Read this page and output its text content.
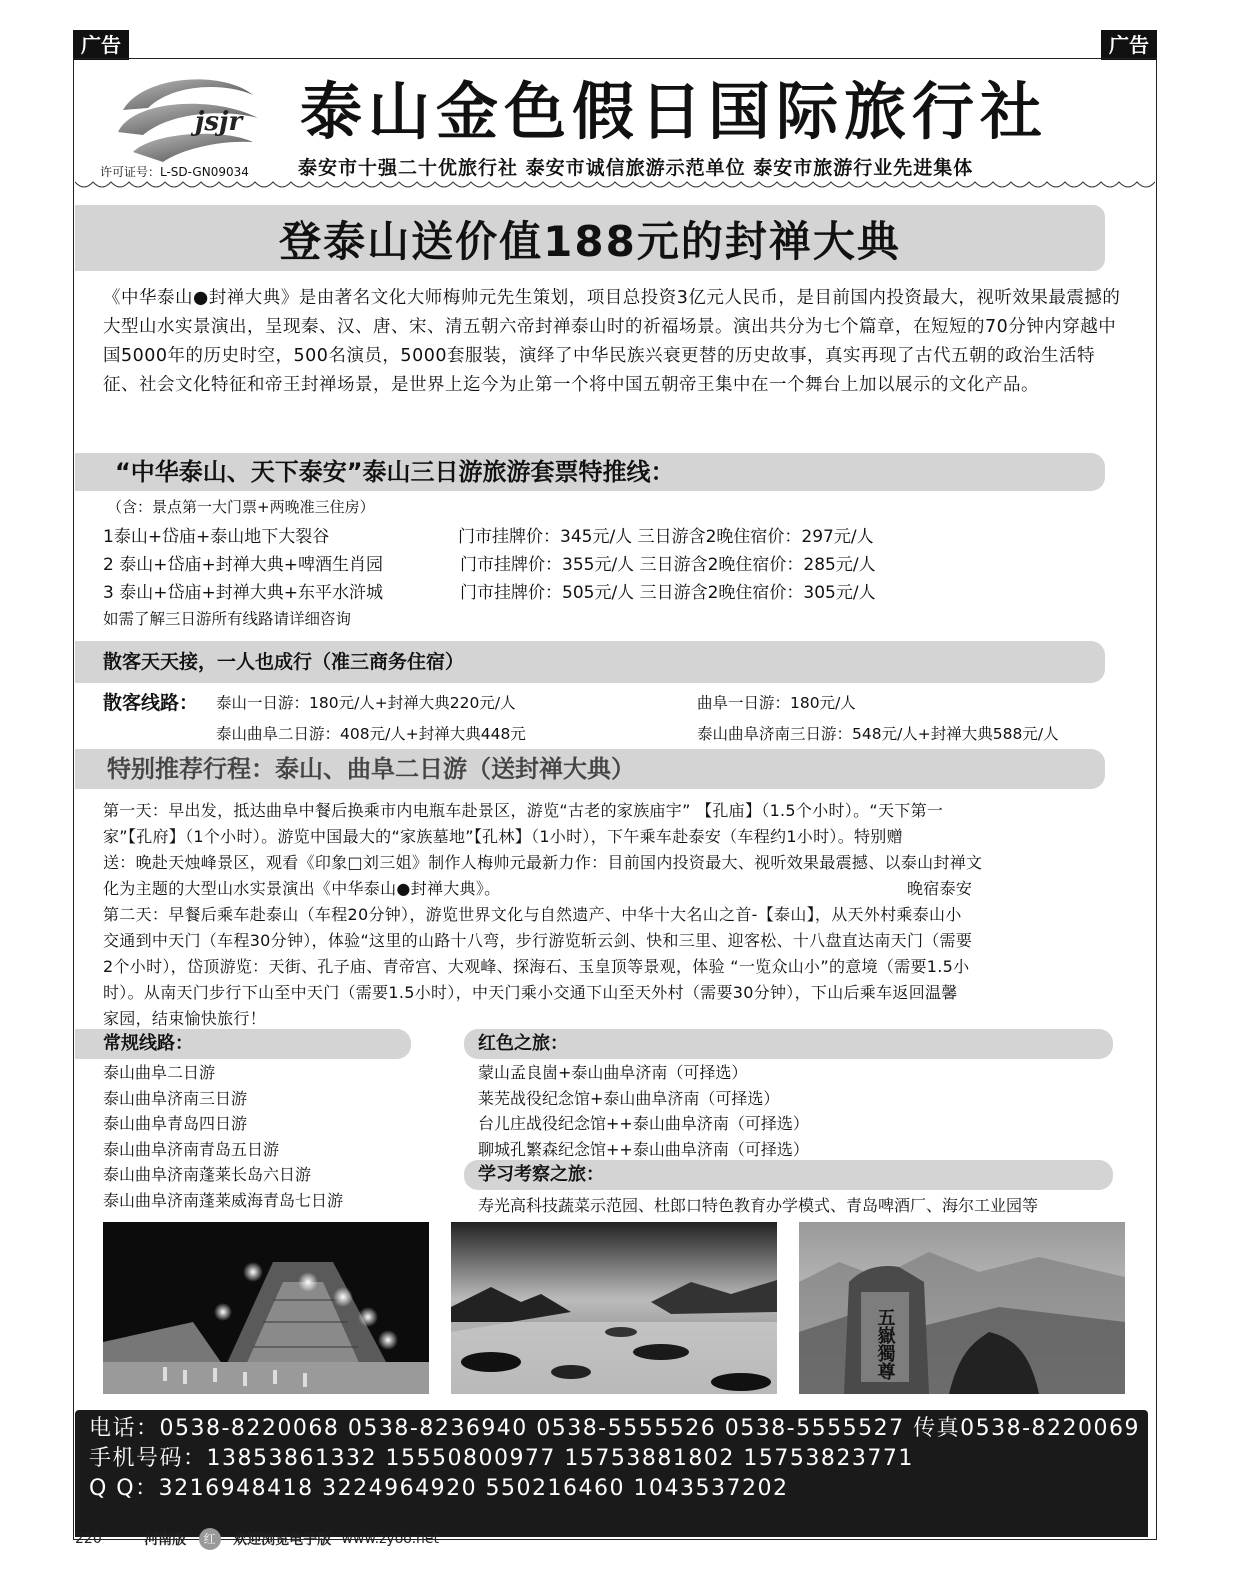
广告	广告
jsjr 泰山金色假日国际旅行社
许可证号：L-SD-GN09034	泰安市十强二十优旅行社 泰安市诚信旅游示范单位 泰安市旅游行业先进集体
登泰山送价值188元的封禅大典
《中华泰山●封禅大典》是由著名文化大师梅帅元先生策划，项目总投资3亿元人民币，是目前国内投资最大，视听效果最震撼的大型山水实景演出，呈现秦、汉、唐、宋、清五朝六帝封禅泰山时的祈福场景。演出共分为七个篇章，在短短的70分钟内穿越中国5000年的历史时空，500名演员，5000套服装，演绎了中华民族兴衰更替的历史故事，真实再现了古代五朝的政治生活特征、社会文化特征和帝王封禅场景，是世界上迄今为止第一个将中国五朝帝王集中在一个舞台上加以展示的文化产品。
“中华泰山、天下泰安”泰山三日游旅游套票特推线：
（含：景点第一大门票+两晚准三住房）
1泰山+岱庙+泰山地下大裂谷	门市挂牌价：345元/人 三日游含2晚住宿价：297元/人
2 泰山+岱庙+封禅大典+啤酒生肖园	门市挂牌价：355元/人 三日游含2晚住宿价：285元/人
3 泰山+岱庙+封禅大典+东平水浒城	门市挂牌价：505元/人 三日游含2晚住宿价：305元/人
如需了解三日游所有线路请详细咨询
散客天天接，一人也成行（准三商务住宿）
散客线路： 泰山一日游：180元/人+封禅大典220元/人	曲阜一日游：180元/人
泰山曲阜二日游：408元/人+封禅大典448元	泰山曲阜济南三日游：548元/人+封禅大典588元/人
特别推荐行程：泰山、曲阜二日游（送封禅大典）
第一天：早出发，抵达曲阜中餐后换乘市内电瓶车赴景区，游览“古老的家族庙宇” 【孔庙】（1.5个小时）。“天下第一
家”【孔府】（1个小时）。游览中国最大的“家族墓地”【孔林】（1小时），下午乘车赴泰安（车程约1小时）。特别赠
送：晚赴天烛峰景区，观看《印象□刘三姐》制作人梅帅元最新力作：目前国内投资最大、视听效果最震撼、以泰山封禅文
化为主题的大型山水实景演出《中华泰山●封禅大典》。	晚宿泰安
第二天：早餐后乘车赴泰山（车程20分钟），游览世界文化与自然遗产、中华十大名山之首-【泰山】，从天外村乘泰山小
交通到中天门（车程30分钟），体验“这里的山路十八弯，步行游览斩云剑、快和三里、迎客松、十八盘直达南天门（需要
2个小时），岱顶游览：天街、孔子庙、青帝宫、大观峰、探海石、玉皇顶等景观，体验 “一览众山小”的意境（需要1.5小
时）。从南天门步行下山至中天门（需要1.5小时），中天门乘小交通下山至天外村（需要30分钟），下山后乘车返回温馨
家园，结束愉快旅行！
常规线路：
泰山曲阜二日游
泰山曲阜济南三日游
泰山曲阜青岛四日游
泰山曲阜济南青岛五日游
泰山曲阜济南蓬莱长岛六日游
泰山曲阜济南蓬莱威海青岛七日游
红色之旅：
蒙山孟良崮+泰山曲阜济南（可择选）
莱芜战役纪念馆+泰山曲阜济南（可择选）
台儿庄战役纪念馆++泰山曲阜济南（可择选）
聊城孔繁森纪念馆++泰山曲阜济南（可择选）
学习考察之旅：
寿光高科技蔬菜示范园、杜郎口特色教育办学模式、青岛啤酒厂、海尔工业园等
五嶽獨尊
电话：0538-8220068 0538-8236940 0538-5555526 0538-5555527 传真0538-8220069
手机号码：13853861332 15550800977 15753881802 15753823771
Q Q：3216948418 3224964920 550216460 1043537202
220	河南版 红 欢迎浏览电子版 www.zyoo.net
